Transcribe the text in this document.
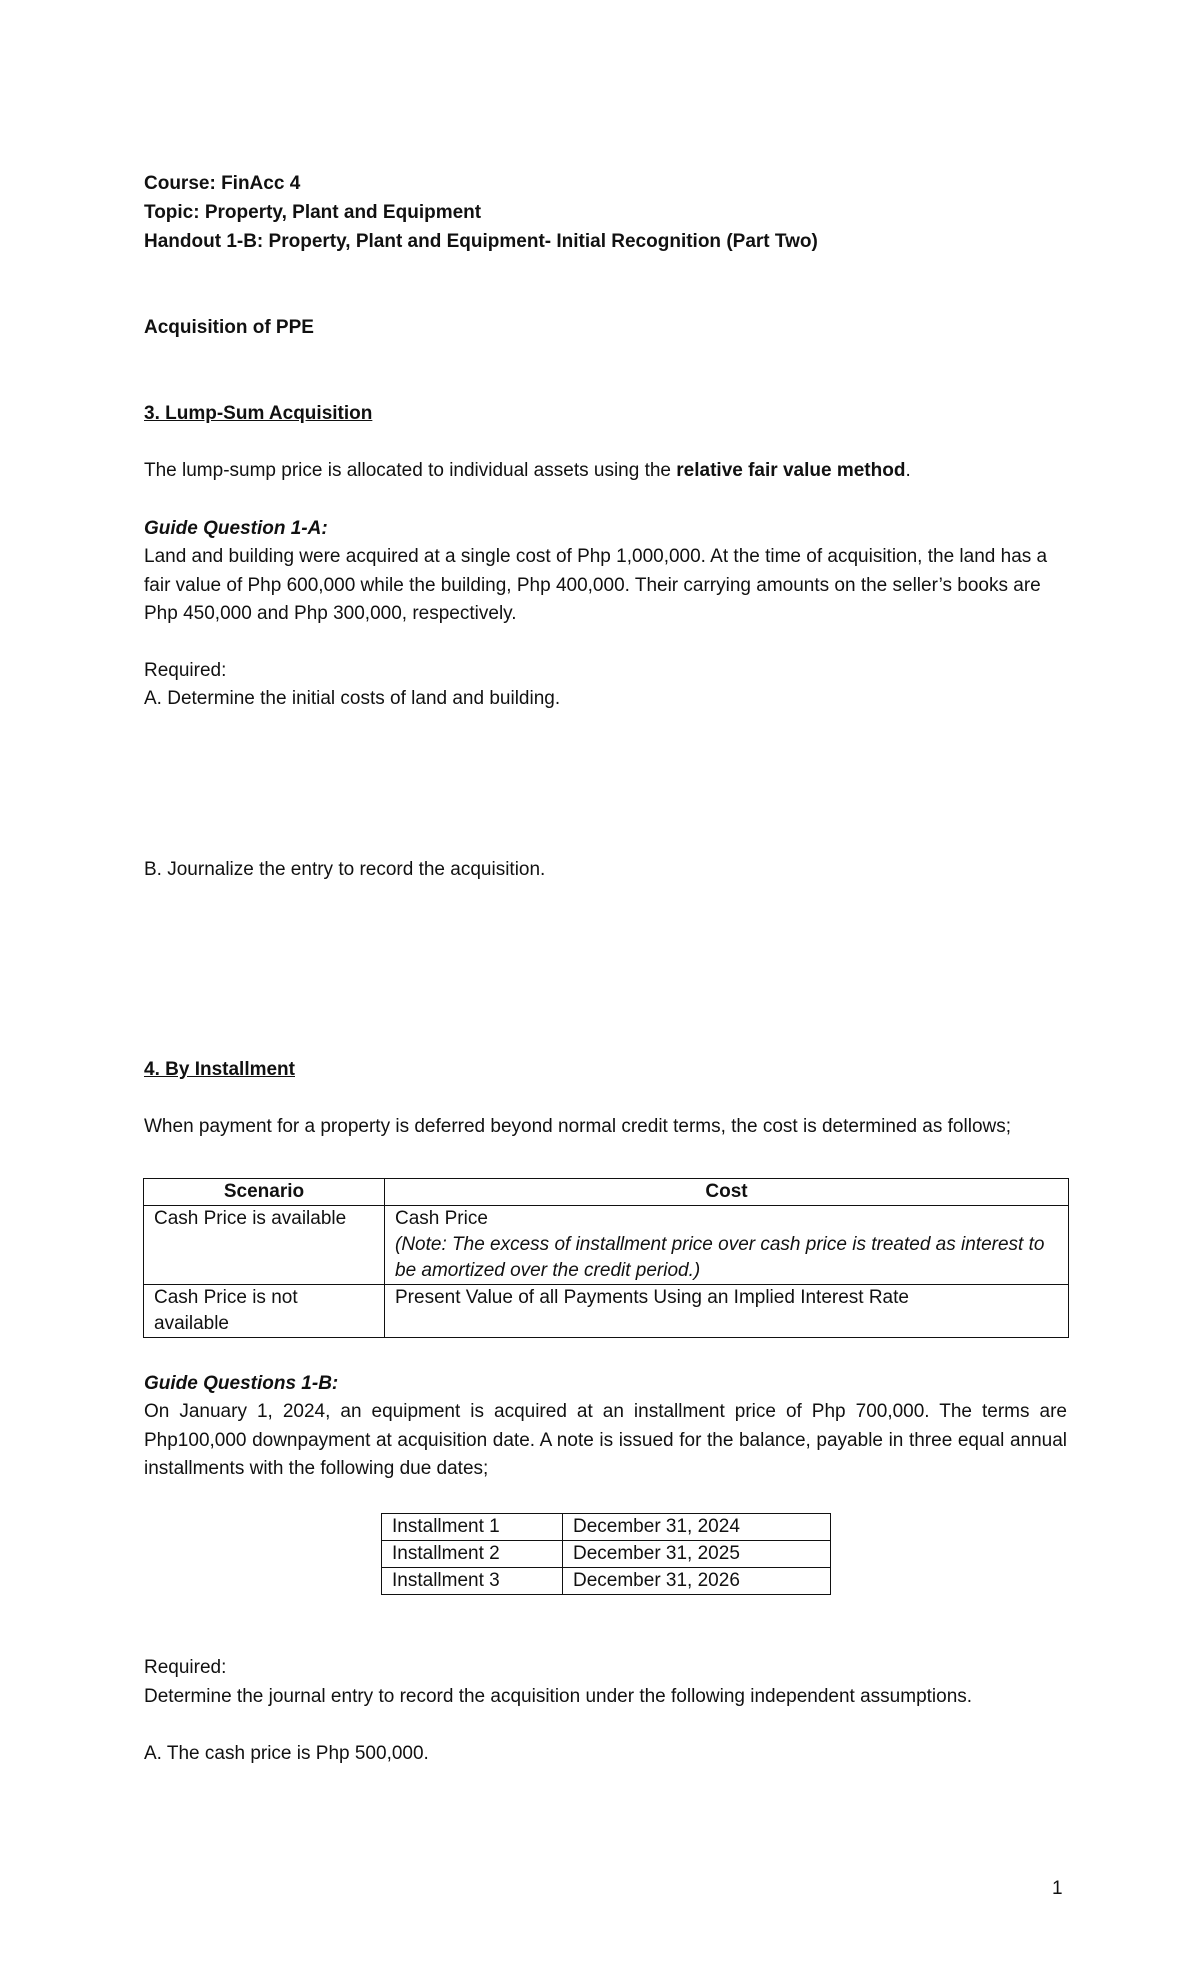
Course: FinAcc 4
Topic: Property, Plant and Equipment
Handout 1-B: Property, Plant and Equipment- Initial Recognition (Part Two)
Acquisition of PPE
3. Lump-Sum Acquisition
The lump-sump price is allocated to individual assets using the relative fair value method.
Guide Question 1-A:
Land and building were acquired at a single cost of Php 1,000,000. At the time of acquisition, the land has a fair value of Php 600,000 while the building, Php 400,000. Their carrying amounts on the seller’s books are Php 450,000 and Php 300,000, respectively.
Required:
A. Determine the initial costs of land and building.
B. Journalize the entry to record the acquisition.
4. By Installment
When payment for a property is deferred beyond normal credit terms, the cost is determined as follows;
Scenario	Cost
Cash Price is available	Cash Price
(Note: The excess of installment price over cash price is treated as interest to be amortized over the credit period.)

Cash Price is not available	Present Value of all Payments Using an Implied Interest Rate
Guide Questions 1-B:
On January 1, 2024, an equipment is acquired at an installment price of Php 700,000. The terms are Php100,000 downpayment at acquisition date. A note is issued for the balance, payable in three equal annual installments with the following due dates;
Installment 1	December 31, 2024
Installment 2	December 31, 2025
Installment 3	December 31, 2026
Required:
Determine the journal entry to record the acquisition under the following independent assumptions.
A. The cash price is Php 500,000.
1
